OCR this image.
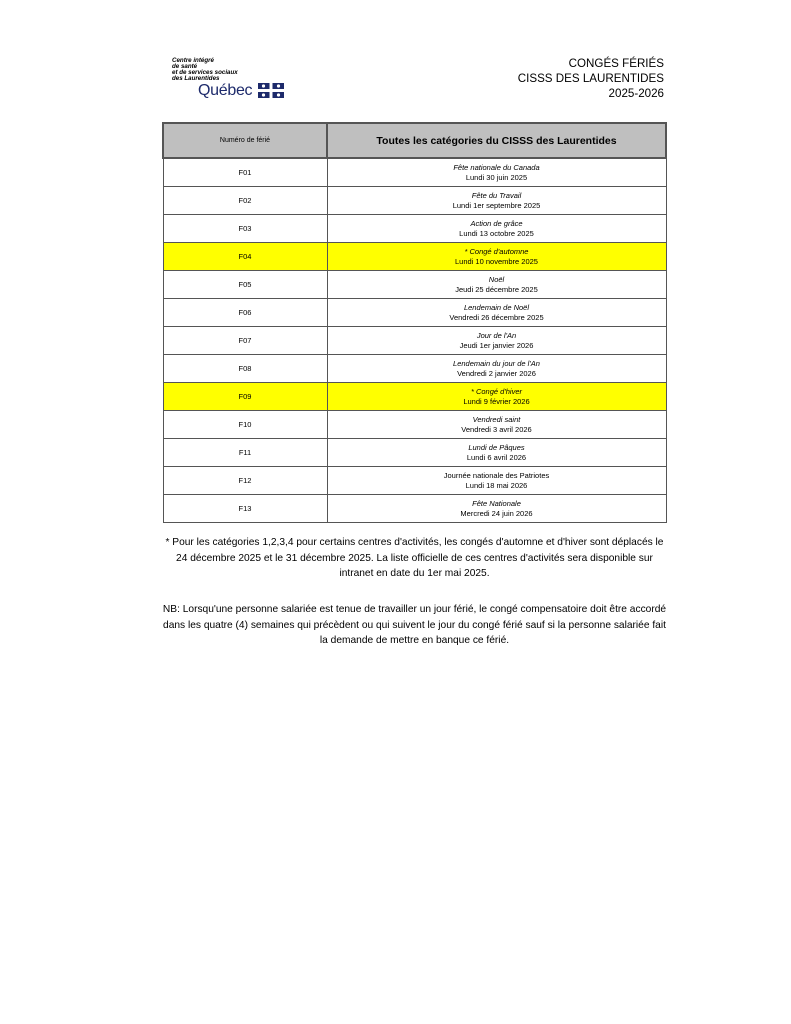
Centre intégré
de santé
et de services sociaux
des Laurentides
Québec
CONGÉS FÉRIÉS
CISSS DES LAURENTIDES
2025-2026
Numéro de férié	Toutes les catégories du CISSS des Laurentides
F01	Fête nationale du Canada
Lundi 30 juin 2025

F02	Fête du Travail
Lundi 1er septembre 2025

F03	Action de grâce
Lundi 13 octobre 2025

F04	* Congé d'automne
Lundi 10 novembre 2025

F05	Noël
Jeudi 25 décembre 2025

F06	Lendemain de Noël
Vendredi 26 décembre 2025

F07	Jour de l'An
Jeudi 1er janvier 2026

F08	Lendemain du jour de l'An
Vendredi 2 janvier 2026

F09	* Congé d'hiver
Lundi 9 février 2026

F10	Vendredi saint
Vendredi 3 avril 2026

F11	Lundi de Pâques
Lundi 6 avril 2026

F12	Journée nationale des Patriotes
Lundi 18 mai 2026

F13	Fête Nationale
Mercredi 24 juin 2026
* Pour les catégories 1,2,3,4 pour certains centres d'activités, les congés d'automne et d'hiver sont déplacés le 24 décembre 2025 et le 31 décembre 2025. La liste officielle de ces centres d'activités sera disponible sur intranet en date du 1er mai 2025.
NB: Lorsqu'une personne salariée est tenue de travailler un jour férié, le congé compensatoire doit être accordé dans les quatre (4) semaines qui précèdent ou qui suivent le jour du congé férié sauf si la personne salariée fait la demande de mettre en banque ce férié.
